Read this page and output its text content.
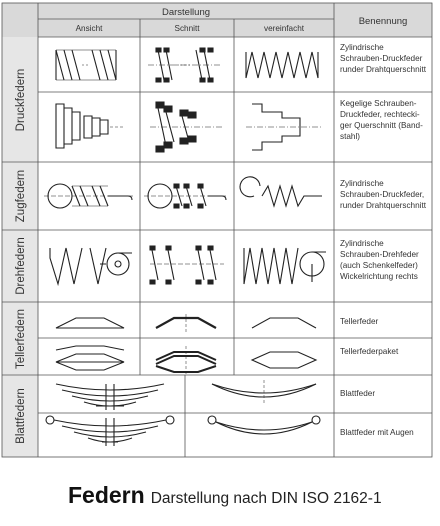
Darstellung
Ansicht	Schnitt	vereinfacht
Benennung
Druckfedern
Zugfedern
Drehfedern
Tellerfedern
Blattfedern
Zylindrische
Schrauben-Druckfeder
runder Drahtquerschnitt
Kegelige Schrauben-
Druckfeder, rechtecki-
ger Querschnitt (Band-
stahl)
Zylindrische
Schrauben-Druckfeder,
runder Drahtquerschnitt
Zylindrische
Schrauben-Drehfeder
(auch Schenkelfeder)
Wickelrichtung rechts
Tellerfeder
Tellerfederpaket
Blattfeder
Blattfeder mit Augen
Federn Darstellung nach DIN ISO 2162-1
